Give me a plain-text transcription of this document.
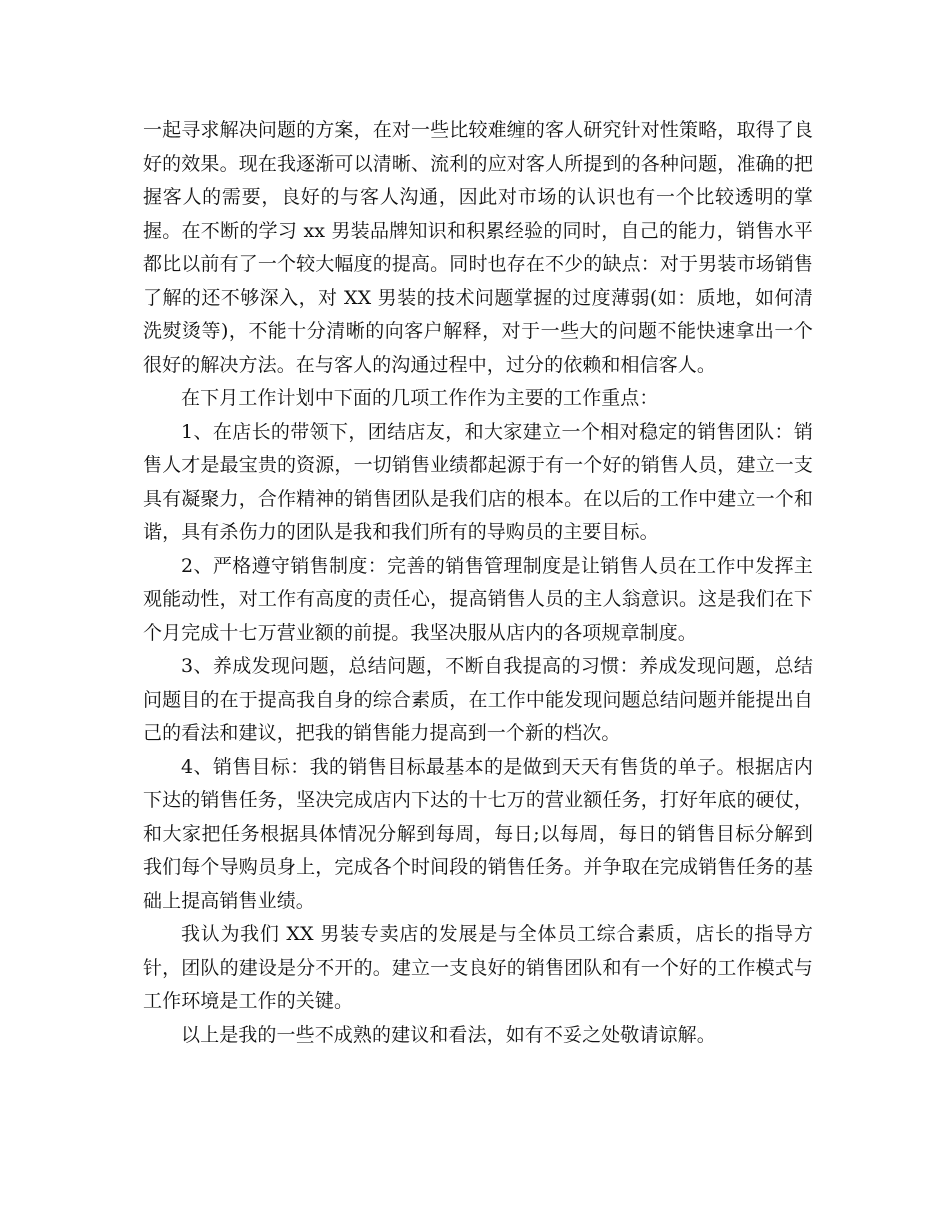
一起寻求解决问题的方案，在对一些比较难缠的客人研究针对性策略，取得了良好的效果。现在我逐渐可以清晰、流利的应对客人所提到的各种问题，准确的把握客人的需要，良好的与客人沟通，因此对市场的认识也有一个比较透明的掌握。在不断的学习 xx 男装品牌知识和积累经验的同时，自己的能力，销售水平都比以前有了一个较大幅度的提高。同时也存在不少的缺点：对于男装市场销售了解的还不够深入，对 XX 男装的技术问题掌握的过度薄弱(如：质地，如何清洗熨烫等)，不能十分清晰的向客户解释，对于一些大的问题不能快速拿出一个很好的解决方法。在与客人的沟通过程中，过分的依赖和相信客人。

在下月工作计划中下面的几项工作作为主要的工作重点：

1、在店长的带领下，团结店友，和大家建立一个相对稳定的销售团队：销售人才是最宝贵的资源，一切销售业绩都起源于有一个好的销售人员，建立一支具有凝聚力，合作精神的销售团队是我们店的根本。在以后的工作中建立一个和谐，具有杀伤力的团队是我和我们所有的导购员的主要目标。

2、严格遵守销售制度：完善的销售管理制度是让销售人员在工作中发挥主观能动性，对工作有高度的责任心，提高销售人员的主人翁意识。这是我们在下个月完成十七万营业额的前提。我坚决服从店内的各项规章制度。

3、养成发现问题，总结问题，不断自我提高的习惯：养成发现问题，总结问题目的在于提高我自身的综合素质，在工作中能发现问题总结问题并能提出自己的看法和建议，把我的销售能力提高到一个新的档次。

4、销售目标：我的销售目标最基本的是做到天天有售货的单子。根据店内下达的销售任务，坚决完成店内下达的十七万的营业额任务，打好年底的硬仗，和大家把任务根据具体情况分解到每周，每日;以每周，每日的销售目标分解到我们每个导购员身上，完成各个时间段的销售任务。并争取在完成销售任务的基础上提高销售业绩。

我认为我们 XX 男装专卖店的发展是与全体员工综合素质，店长的指导方针，团队的建设是分不开的。建立一支良好的销售团队和有一个好的工作模式与工作环境是工作的关键。

以上是我的一些不成熟的建议和看法，如有不妥之处敬请谅解。
